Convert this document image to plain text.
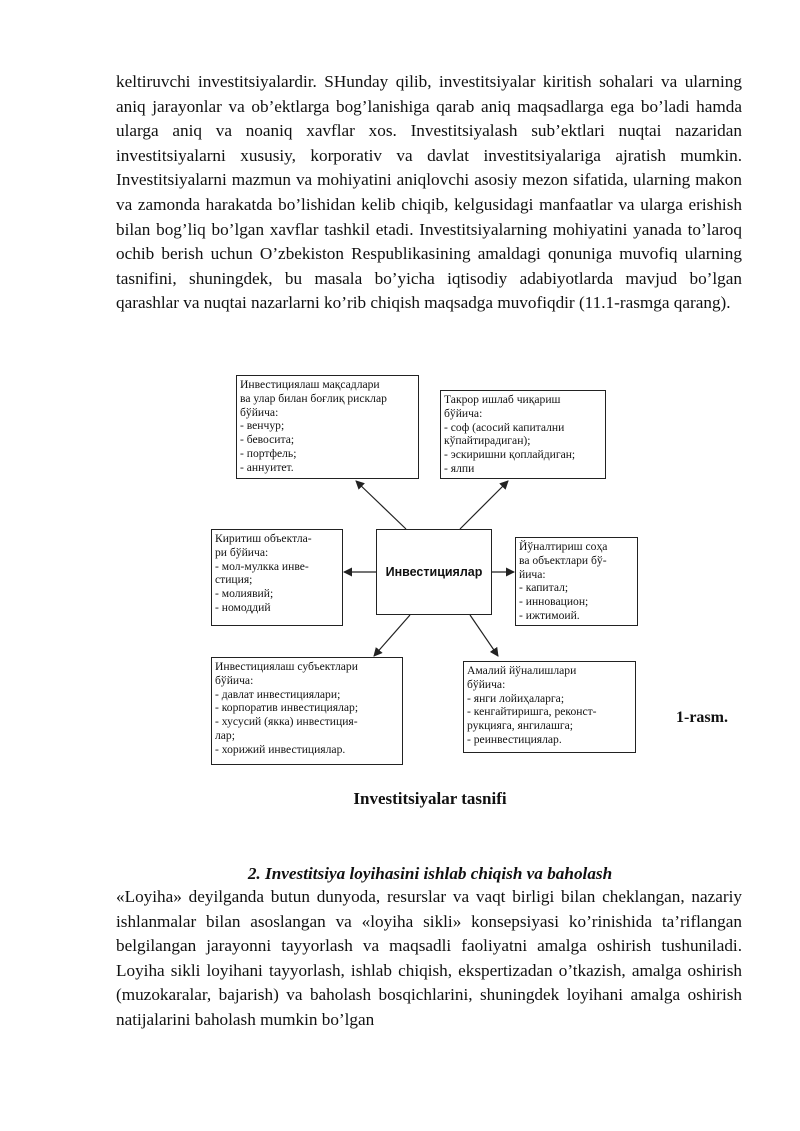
keltiruvchi investitsiyalardir. SHunday qilib, investitsiyalar kiritish sohalari va ularning aniq jarayonlar va ob’ektlarga bog’lanishiga qarab aniq maqsadlarga ega bo’ladi hamda ularga aniq va noaniq xavflar xos. Investitsiyalash sub’ektlari nuqtai nazaridan investitsiyalarni xususiy, korporativ va davlat investitsiyalariga ajratish mumkin. Investitsiyalarni mazmun va mohiyatini aniqlovchi asosiy mezon sifatida, ularning makon va zamonda harakatda bo’lishidan kelib chiqib, kelgusidagi manfaatlar va ularga erishish bilan bog’liq bo’lgan xavflar tashkil etadi. Investitsiyalarning mohiyatini yanada to’laroq ochib berish uchun O’zbekiston Respublikasining amaldagi qonuniga muvofiq ularning tasnifini, shuningdek, bu masala bo’yicha iqtisodiy adabiyotlarda mavjud bo’lgan qarashlar va nuqtai nazarlarni ko’rib chiqish maqsadga muvofiqdir (11.1-rasmga qarang).
Инвестициялаш мақсадлари
ва улар билан боғлиқ рисклар
бўйича:
- венчур;
- бевосита;
- портфель;
- аннуитет.
Такрор ишлаб чиқариш
бўйича:
- соф (асосий капитални
кўпайтирадиган);
- эскиришни қоплайдиган;
- ялпи
Киритиш объектла-
ри бўйича:
- мол-мулкка инве-
стиция;
- молиявий;
- номоддий
Инвестициялар
Йўналтириш соҳа
ва объектлари бў-
йича:
- капитал;
- инновацион;
- ижтимоий.
Инвестициялаш субъектлари
бўйича:
- давлат инвестициялари;
- корпоратив инвестициялар;
- хусусий (якка) инвестиция-
лар;
- хорижий инвестициялар.
Амалий йўналишлари
бўйича:
- янги лойиҳаларга;
- кенгайтиришга, реконст-
рукцияга, янгилашга;
- реинвестициялар.
1-rasm.
Investitsiyalar tasnifi
2. Investitsiya loyihasini ishlab chiqish va baholash
«Loyiha» deyilganda butun dunyoda, resurslar va vaqt birligi bilan cheklangan, nazariy ishlanmalar bilan asoslangan va «loyiha sikli» konsepsiyasi ko’rinishida ta’riflangan belgilangan jarayonni tayyorlash va maqsadli faoliyatni amalga oshirish tushuniladi. Loyiha sikli loyihani tayyorlash, ishlab chiqish, ekspertizadan o’tkazish, amalga oshirish (muzokaralar, bajarish) va baholash bosqichlarini, shuningdek loyihani amalga oshirish natijalarini baholash mumkin bo’lgan
